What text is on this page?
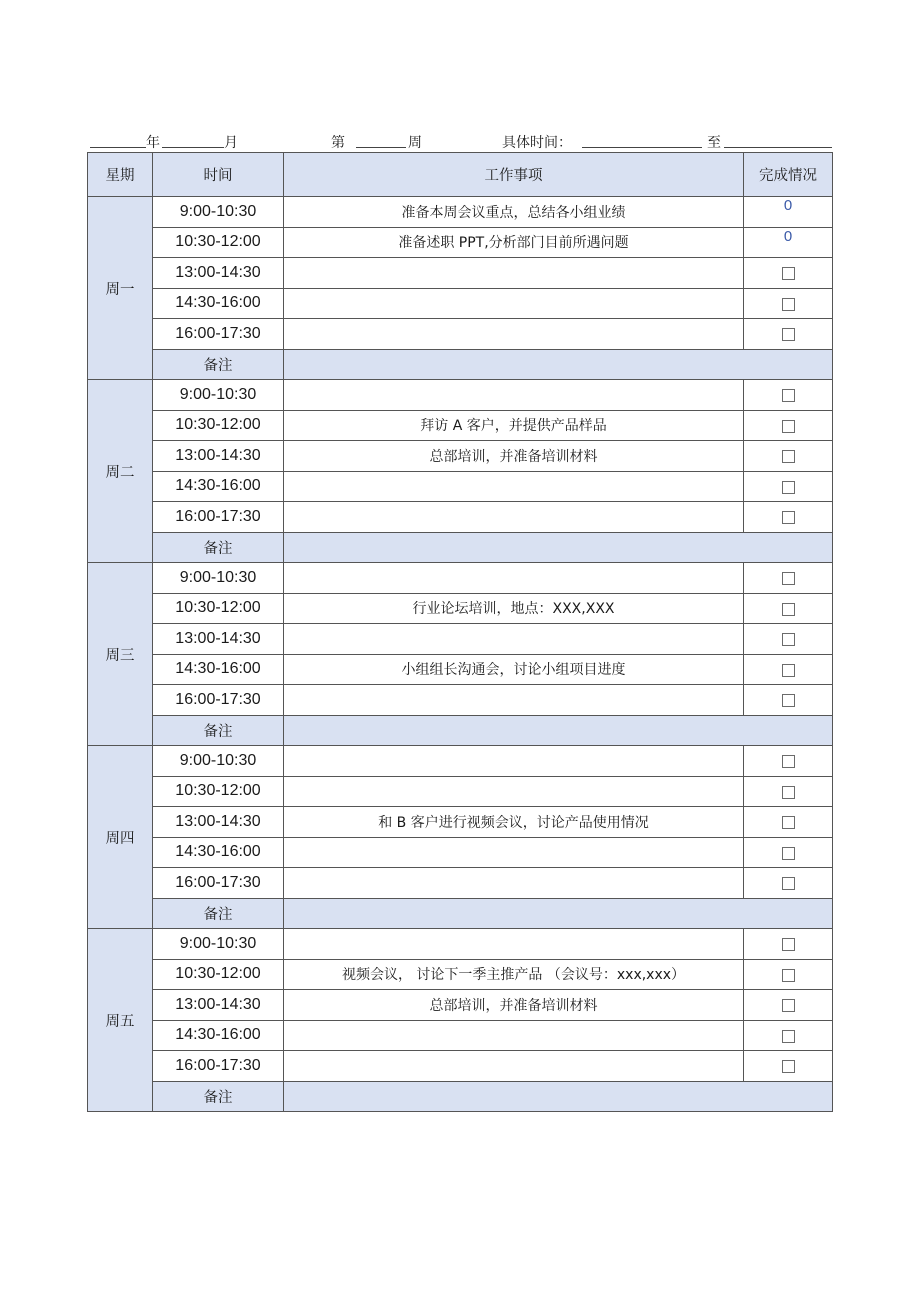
年	月	第	周	具体时间：	至
星期	时间	工作事项	完成情况
周一	9:00-10:30	准备本周会议重点，总结各小组业绩	0
	10:30-12:00	准备述职 PPT,分析部门目前所遇问题	0
	13:00-14:30		
	14:30-16:00		
	16:00-17:30		
	备注		
周二	9:00-10:30		
	10:30-12:00	拜访 A 客户，并提供产品样品	
	13:00-14:30	总部培训，并准备培训材料	
	14:30-16:00		
	16:00-17:30		
	备注		
周三	9:00-10:30		
	10:30-12:00	行业论坛培训，地点：XXX,XXX	
	13:00-14:30		
	14:30-16:00	小组组长沟通会，讨论小组项目进度	
	16:00-17:30		
	备注		
周四	9:00-10:30		
	10:30-12:00		
	13:00-14:30	和 B 客户进行视频会议，讨论产品使用情况	
	14:30-16:00		
	16:00-17:30		
	备注		
周五	9:00-10:30		
	10:30-12:00	视频会议， 讨论下一季主推产品 （会议号：xxx,xxx）	
	13:00-14:30	总部培训，并准备培训材料	
	14:30-16:00		
	16:00-17:30		
	备注		
